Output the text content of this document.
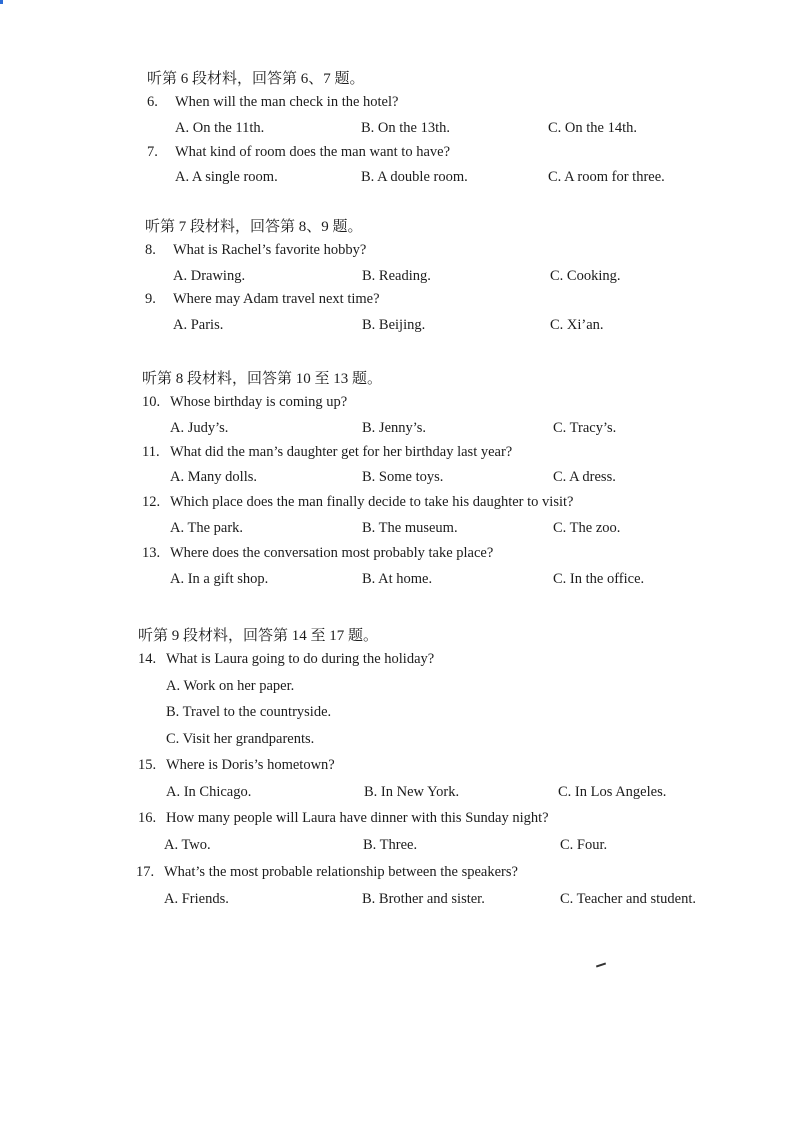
听第 6 段材料，回答第 6、7 题。
6. When will the man check in the hotel?
A. On the 11th.	B. On the 13th.	C. On the 14th.
7. What kind of room does the man want to have?
A. A single room.	B. A double room.	C. A room for three.
听第 7 段材料，回答第 8、9 题。
8. What is Rachel’s favorite hobby?
A. Drawing.	B. Reading.	C. Cooking.
9. Where may Adam travel next time?
A. Paris.	B. Beijing.	C. Xi’an.
听第 8 段材料，回答第 10 至 13 题。
10. Whose birthday is coming up?
A. Judy’s.	B. Jenny’s.	C. Tracy’s.
11. What did the man’s daughter get for her birthday last year?
A. Many dolls.	B. Some toys.	C. A dress.
12. Which place does the man finally decide to take his daughter to visit?
A. The park.	B. The museum.	C. The zoo.
13. Where does the conversation most probably take place?
A. In a gift shop.	B. At home.	C. In the office.
听第 9 段材料，回答第 14 至 17 题。
14. What is Laura going to do during the holiday?
A. Work on her paper.
B. Travel to the countryside.
C. Visit her grandparents.
15. Where is Doris’s hometown?
A. In Chicago.	B. In New York.	C. In Los Angeles.
16. How many people will Laura have dinner with this Sunday night?
A. Two.	B. Three.	C. Four.
17. What’s the most probable relationship between the speakers?
A. Friends.	B. Brother and sister.	C. Teacher and student.
